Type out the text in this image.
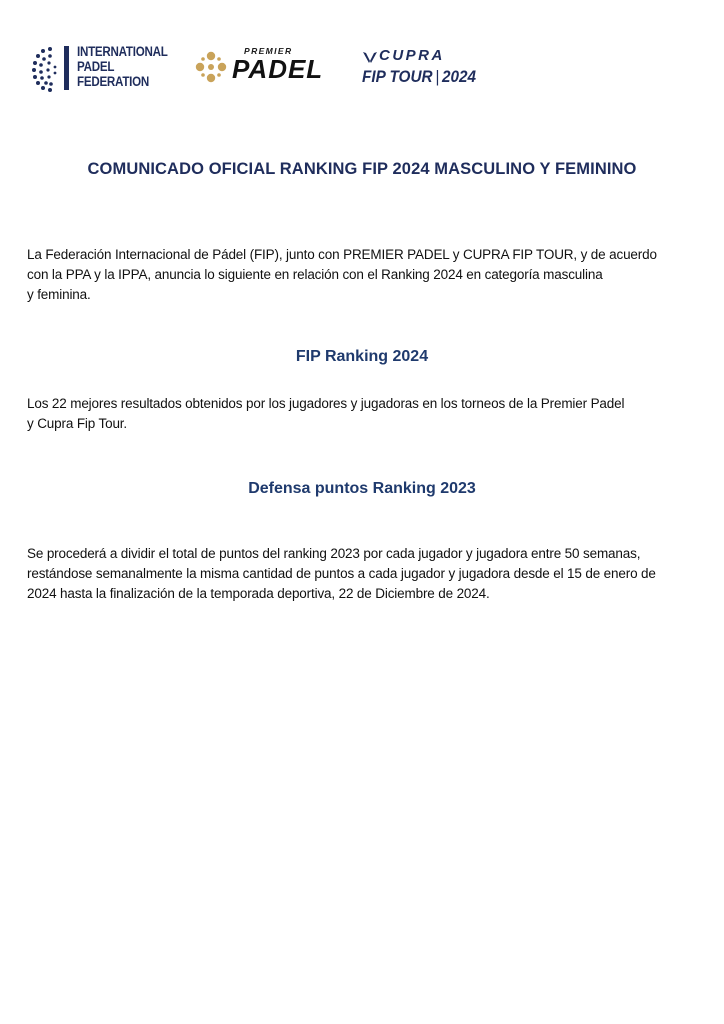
INTERNATIONAL
PADEL
FEDERATION
PREMIER
PADEL	CUPRA
FIP TOUR | 2024
COMUNICADO OFICIAL RANKING FIP 2024 MASCULINO Y FEMININO

La Federación Internacional de Pádel (FIP), junto con PREMIER PADEL y CUPRA FIP TOUR, y de acuerdo
con la PPA y la IPPA, anuncia lo siguiente en relación con el Ranking 2024 en categoría masculina
y feminina.

FIP Ranking 2024

Los 22 mejores resultados obtenidos por los jugadores y jugadoras en los torneos de la Premier Padel
y Cupra Fip Tour.

Defensa puntos Ranking 2023

Se procederá a dividir el total de puntos del ranking 2023 por cada jugador y jugadora entre 50 semanas,
restándose semanalmente la misma cantidad de puntos a cada jugador y jugadora desde el 15 de enero de
2024 hasta la finalización de la temporada deportiva, 22 de Diciembre de 2024.
